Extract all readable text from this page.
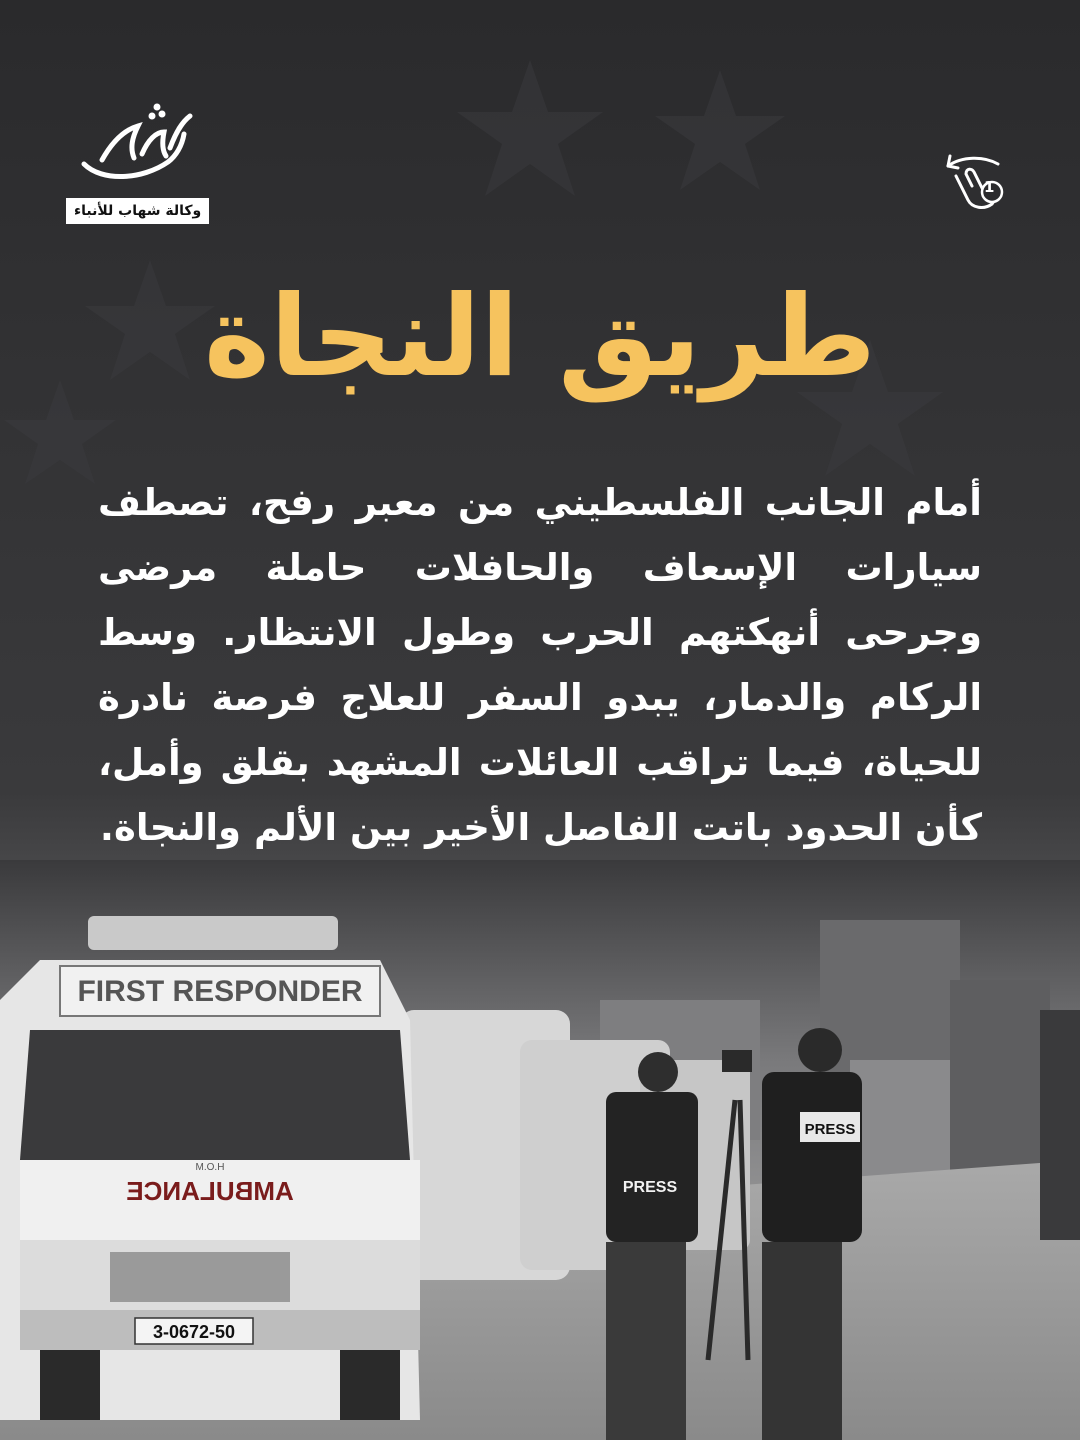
وكالة شهاب للأنباء
1
طريق النجاة
أمام الجانب الفلسطيني من معبر رفح، تصطف سيارات الإسعاف والحافلات حاملة مرضى وجرحى أنهكتهم الحرب وطول الانتظار. وسط الركام والدمار، يبدو السفر للعلاج فرصة نادرة للحياة، فيما تراقب العائلات المشهد بقلق وأمل، كأن الحدود باتت الفاصل الأخير بين الألم والنجاة.
FIRST RESPONDER
M.O.H
AMBULANCE
3-0672-50
PRESS
PRESS
